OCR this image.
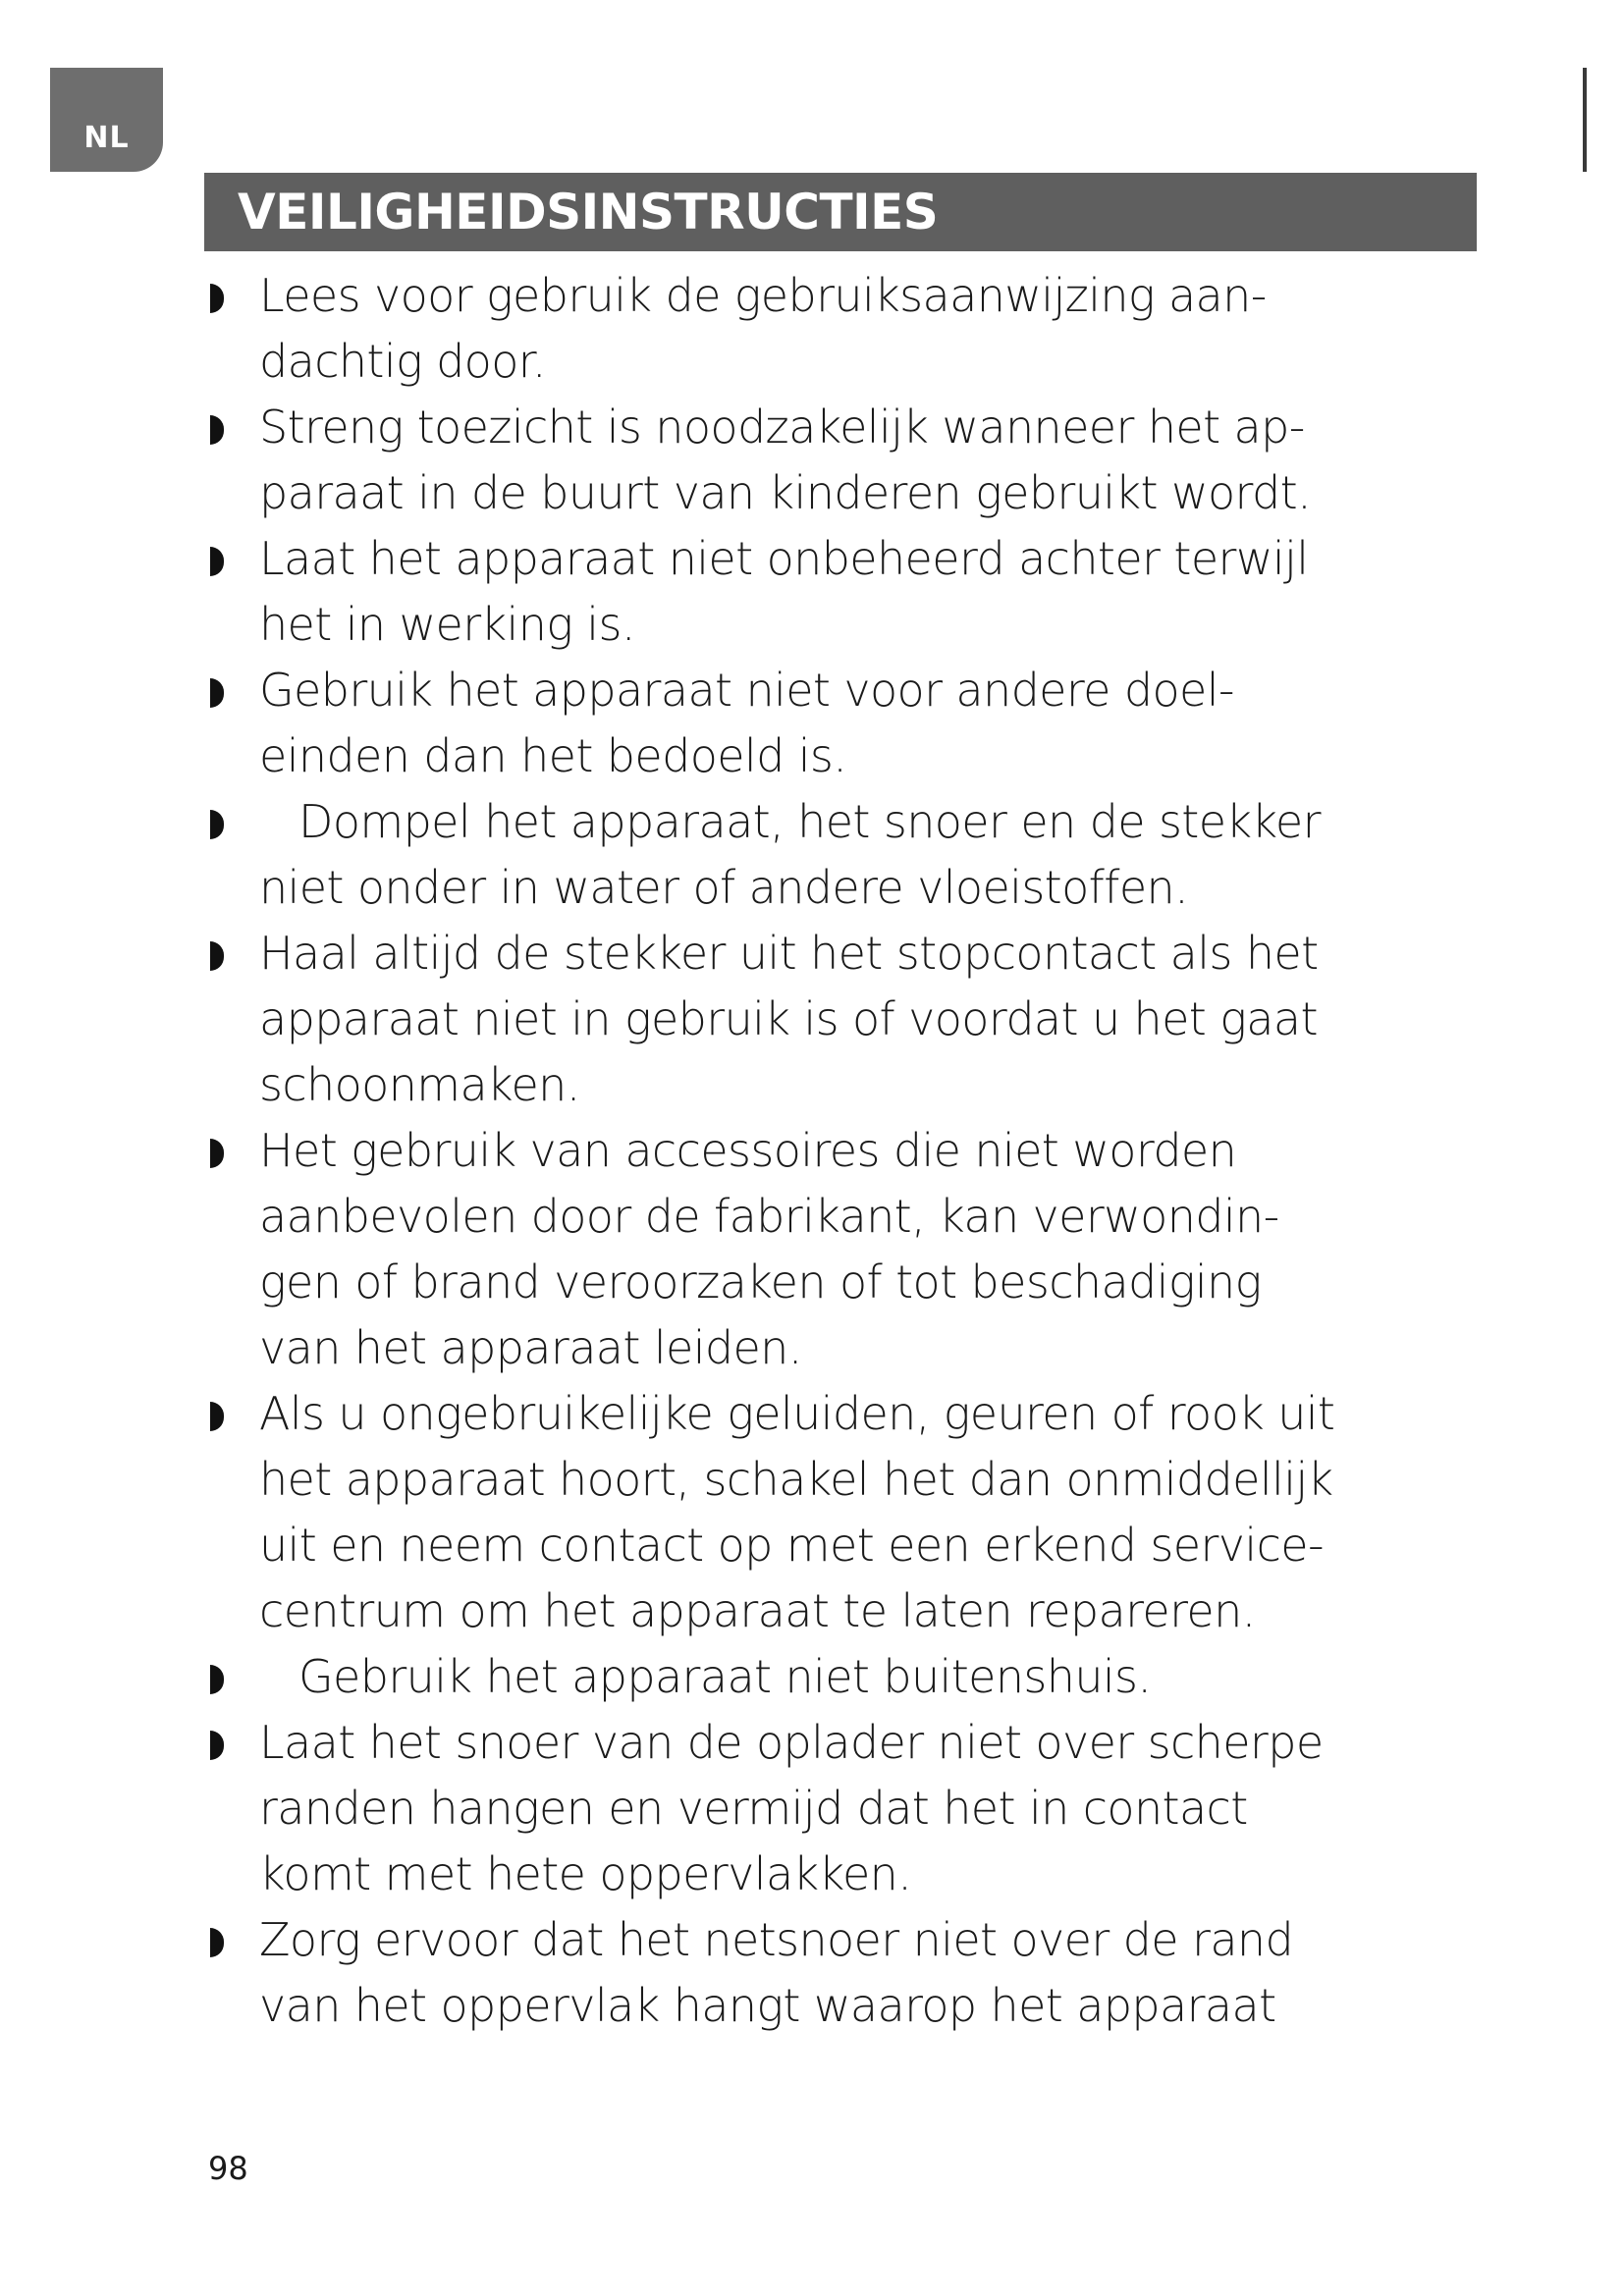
NL
VEILIGHEIDSINSTRUCTIES
Lees voor gebruik de gebruiksaanwijzing aan-
dachtig door.
Streng toezicht is noodzakelijk wanneer het ap-
paraat in de buurt van kinderen gebruikt wordt.
Laat het apparaat niet onbeheerd achter terwijl
het in werking is.
Gebruik het apparaat niet voor andere doel-
einden dan het bedoeld is.
Dompel het apparaat, het snoer en de stekker
niet onder in water of andere vloeistoffen.
Haal altijd de stekker uit het stopcontact als het
apparaat niet in gebruik is of voordat u het gaat
schoonmaken.
Het gebruik van accessoires die niet worden
aanbevolen door de fabrikant, kan verwondin-
gen of brand veroorzaken of tot beschadiging
van het apparaat leiden.
Als u ongebruikelijke geluiden, geuren of rook uit
het apparaat hoort, schakel het dan onmiddellijk
uit en neem contact op met een erkend service-
centrum om het apparaat te laten repareren.
Gebruik het apparaat niet buitenshuis.
Laat het snoer van de oplader niet over scherpe
randen hangen en vermijd dat het in contact
komt met hete oppervlakken.
Zorg ervoor dat het netsnoer niet over de rand
van het oppervlak hangt waarop het apparaat
98
